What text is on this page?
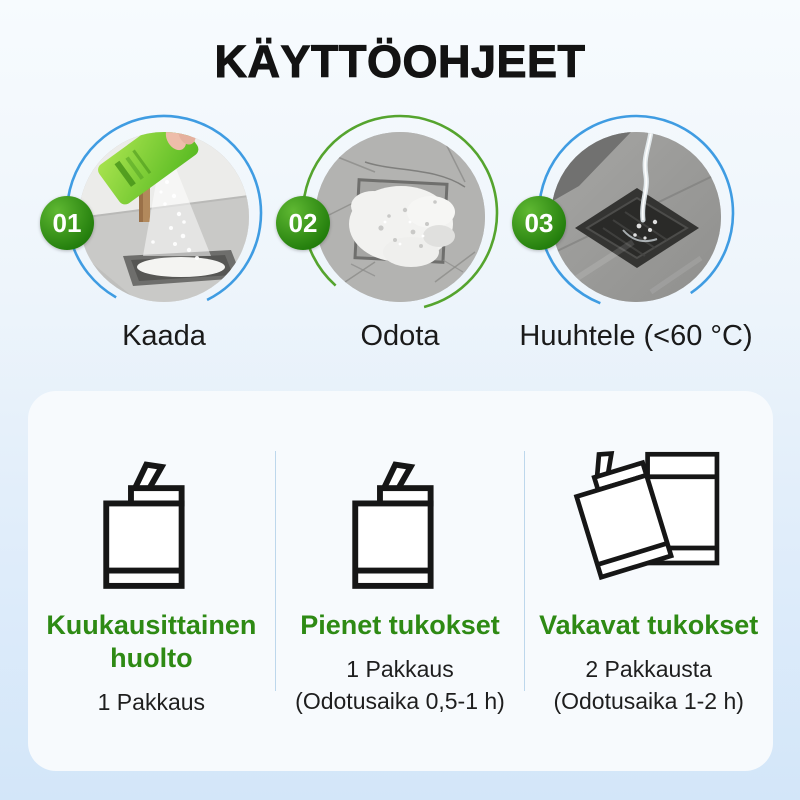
KÄYTTÖOHJEET
01
Kaada
02
Odota
03
Huuhtele (<60 °C)
Kuukausittainen huolto
1 Pakkaus
Pienet tukokset
1 Pakkaus
(Odotusaika 0,5-1 h)
Vakavat tukokset
2 Pakkausta
(Odotusaika 1-2 h)
